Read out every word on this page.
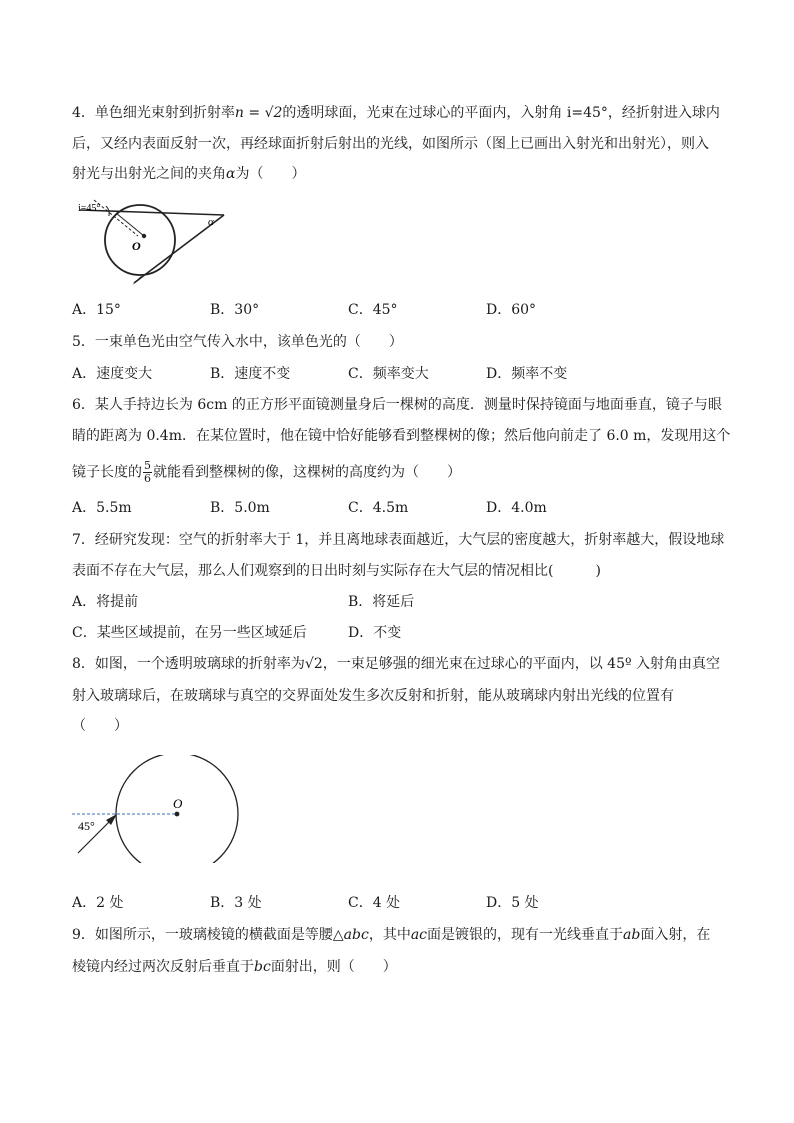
4．单色细光束射到折射率n = √2的透明球面，光束在过球心的平面内，入射角 i=45°，经折射进入球内
后，又经内表面反射一次，再经球面折射后射出的光线，如图所示（图上已画出入射光和出射光），则入
射光与出射光之间的夹角α为（　　）
i=45°
O
α
A．15°	B．30°	C．45°	D．60°
5．一束单色光由空气传入水中，该单色光的（　　）
A．速度变大	B．速度不变	C．频率变大	D．频率不变
6．某人手持边长为 6cm 的正方形平面镜测量身后一棵树的高度．测量时保持镜面与地面垂直，镜子与眼
睛的距离为 0.4m．在某位置时，他在镜中恰好能够看到整棵树的像；然后他向前走了 6.0 m，发现用这个
镜子长度的 $\frac{5}{6}$ 就能看到整棵树的像，这棵树的高度约为（　　）
A．5.5m	B．5.0m	C．4.5m	D．4.0m
7．经研究发现：空气的折射率大于 1，并且离地球表面越近，大气层的密度越大，折射率越大，假设地球
表面不存在大气层，那么人们观察到的日出时刻与实际存在大气层的情况相比(　　　)
A．将提前	B．将延后
C．某些区域提前，在另一些区域延后	D．不变
8．如图，一个透明玻璃球的折射率为√2，一束足够强的细光束在过球心的平面内，以 45º 入射角由真空
射入玻璃球后，在玻璃球与真空的交界面处发生多次反射和折射，能从玻璃球内射出光线的位置有
（　　）
O
45°
A．2 处	B．3 处	C．4 处	D．5 处
9．如图所示，一玻璃棱镜的横截面是等腰△abc，其中ac面是镀银的，现有一光线垂直于ab面入射，在
棱镜内经过两次反射后垂直于bc面射出，则（　　）
